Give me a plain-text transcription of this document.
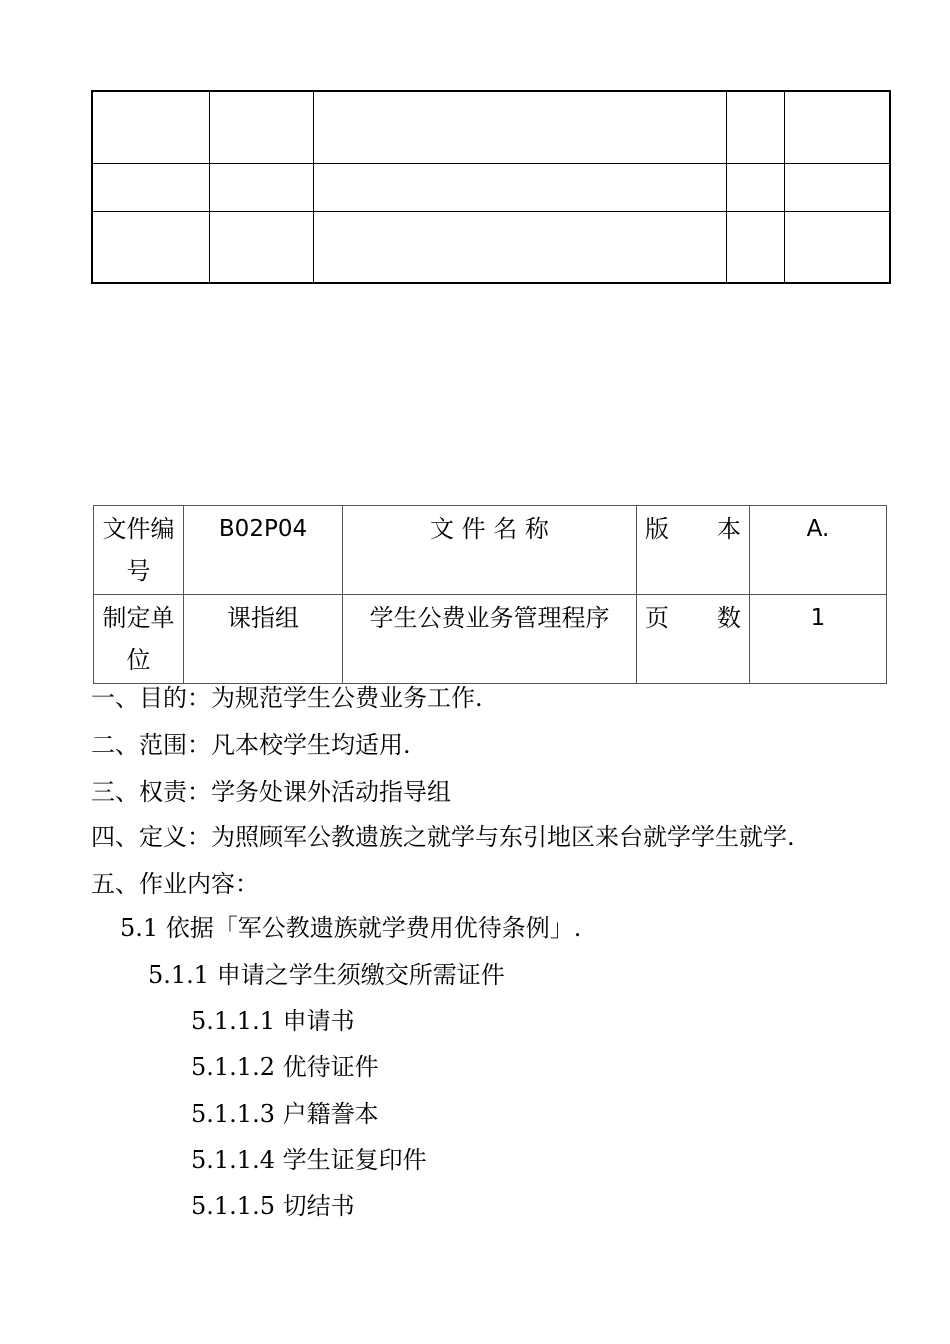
文件编号	B02P04	文 件 名 称	版 本	A.
制定单位	课指组	学生公费业务管理程序	页 数	1
一、目的：为规范学生公费业务工作.
二、范围：凡本校学生均适用.
三、权责：学务处课外活动指导组
四、定义：为照顾军公教遗族之就学与东引地区来台就学学生就学.
五、作业内容：
5.1 依据「军公教遗族就学费用优待条例」.
5.1.1 申请之学生须缴交所需证件
5.1.1.1 申请书
5.1.1.2 优待证件
5.1.1.3 户籍誊本
5.1.1.4 学生证复印件
5.1.1.5 切结书
